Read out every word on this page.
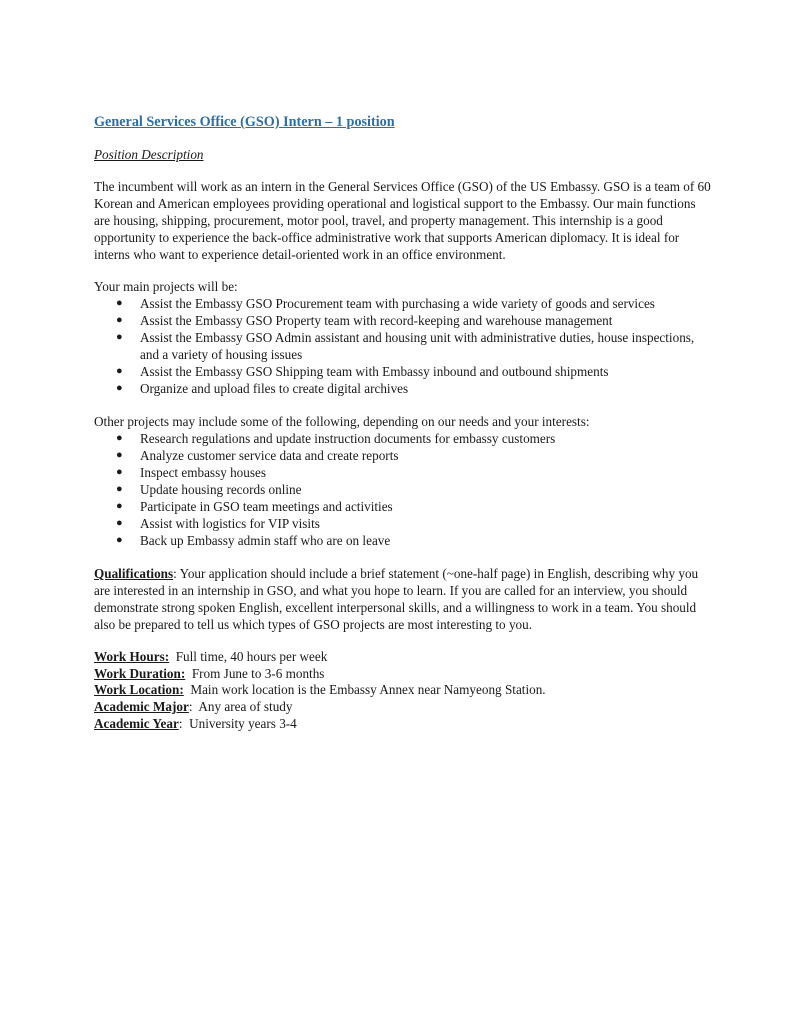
General Services Office (GSO) Intern – 1 position

Position Description

The incumbent will work as an intern in the General Services Office (GSO) of the US Embassy. GSO is a team of 60 Korean and American employees providing operational and logistical support to the Embassy. Our main functions are housing, shipping, procurement, motor pool, travel, and property management. This internship is a good opportunity to experience the back-office administrative work that supports American diplomacy. It is ideal for interns who want to experience detail-oriented work in an office environment.

Your main projects will be:

● Assist the Embassy GSO Procurement team with purchasing a wide variety of goods and services
● Assist the Embassy GSO Property team with record-keeping and warehouse management
● Assist the Embassy GSO Admin assistant and housing unit with administrative duties, house inspections, and a variety of housing issues
● Assist the Embassy GSO Shipping team with Embassy inbound and outbound shipments
● Organize and upload files to create digital archives

Other projects may include some of the following, depending on our needs and your interests:

● Research regulations and update instruction documents for embassy customers
● Analyze customer service data and create reports
● Inspect embassy houses
● Update housing records online
● Participate in GSO team meetings and activities
● Assist with logistics for VIP visits
● Back up Embassy admin staff who are on leave

Qualifications: Your application should include a brief statement (~one-half page) in English, describing why you are interested in an internship in GSO, and what you hope to learn. If you are called for an interview, you should demonstrate strong spoken English, excellent interpersonal skills, and a willingness to work in a team. You should also be prepared to tell us which types of GSO projects are most interesting to you.

Work Hours:  Full time, 40 hours per week
Work Duration:  From June to 3-6 months
Work Location:  Main work location is the Embassy Annex near Namyeong Station.
Academic Major:  Any area of study
Academic Year:  University years 3-4
